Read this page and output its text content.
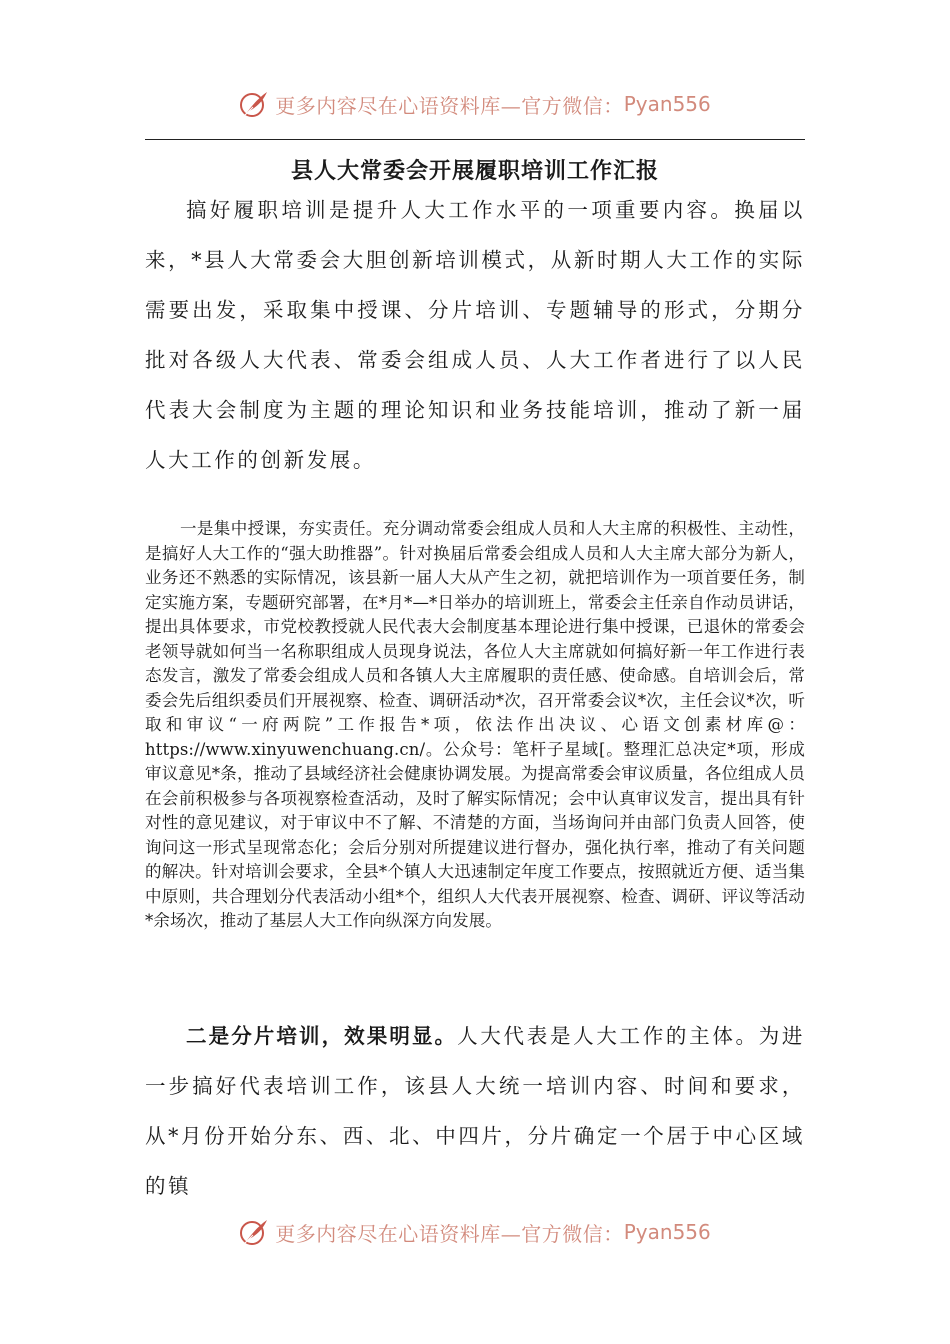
更多内容尽在心语资料库—官方微信： Pyan556
县人大常委会开展履职培训工作汇报

搞好履职培训是提升人大工作水平的一项重要内容。换届以来，*县人大常委会大胆创新培训模式，从新时期人大工作的实际需要出发，采取集中授课、分片培训、专题辅导的形式，分期分批对各级人大代表、常委会组成人员、人大工作者进行了以人民代表大会制度为主题的理论知识和业务技能培训，推动了新一届人大工作的创新发展。

一是集中授课，夯实责任。充分调动常委会组成人员和人大主席的积极性、主动性，是搞好人大工作的“强大助推器”。针对换届后常委会组成人员和人大主席大部分为新人，业务还不熟悉的实际情况，该县新一届人大从产生之初，就把培训作为一项首要任务，制定实施方案，专题研究部署，在*月*—*日举办的培训班上，常委会主任亲自作动员讲话，提出具体要求，市党校教授就人民代表大会制度基本理论进行集中授课，已退休的常委会老领导就如何当一名称职组成人员现身说法，各位人大主席就如何搞好新一年工作进行表态发言，激发了常委会组成人员和各镇人大主席履职的责任感、使命感。自培训会后，常委会先后组织委员们开展视察、检查、调研活动*次，召开常委会议*次，主任会议*次，听取和审议“一府两院”工作报告*项，依法作出决议、心语文创素材库@：https://www.xinyuwenchuang.cn/。公众号：笔杆子星域[。整理汇总决定*项，形成审议意见*条，推动了县域经济社会健康协调发展。为提高常委会审议质量，各位组成人员在会前积极参与各项视察检查活动，及时了解实际情况；会中认真审议发言，提出具有针对性的意见建议，对于审议中不了解、不清楚的方面，当场询问并由部门负责人回答，使询问这一形式呈现常态化；会后分别对所提建议进行督办，强化执行率，推动了有关问题的解决。针对培训会要求，全县*个镇人大迅速制定年度工作要点，按照就近方便、适当集中原则，共合理划分代表活动小组*个，组织人大代表开展视察、检查、调研、评议等活动*余场次，推动了基层人大工作向纵深方向发展。

二是分片培训，效果明显。人大代表是人大工作的主体。为进一步搞好代表培训工作，该县人大统一培训内容、时间和要求，从*月份开始分东、西、北、中四片，分片确定一个居于中心区域的镇

更多内容尽在心语资料库—官方微信： Pyan556
